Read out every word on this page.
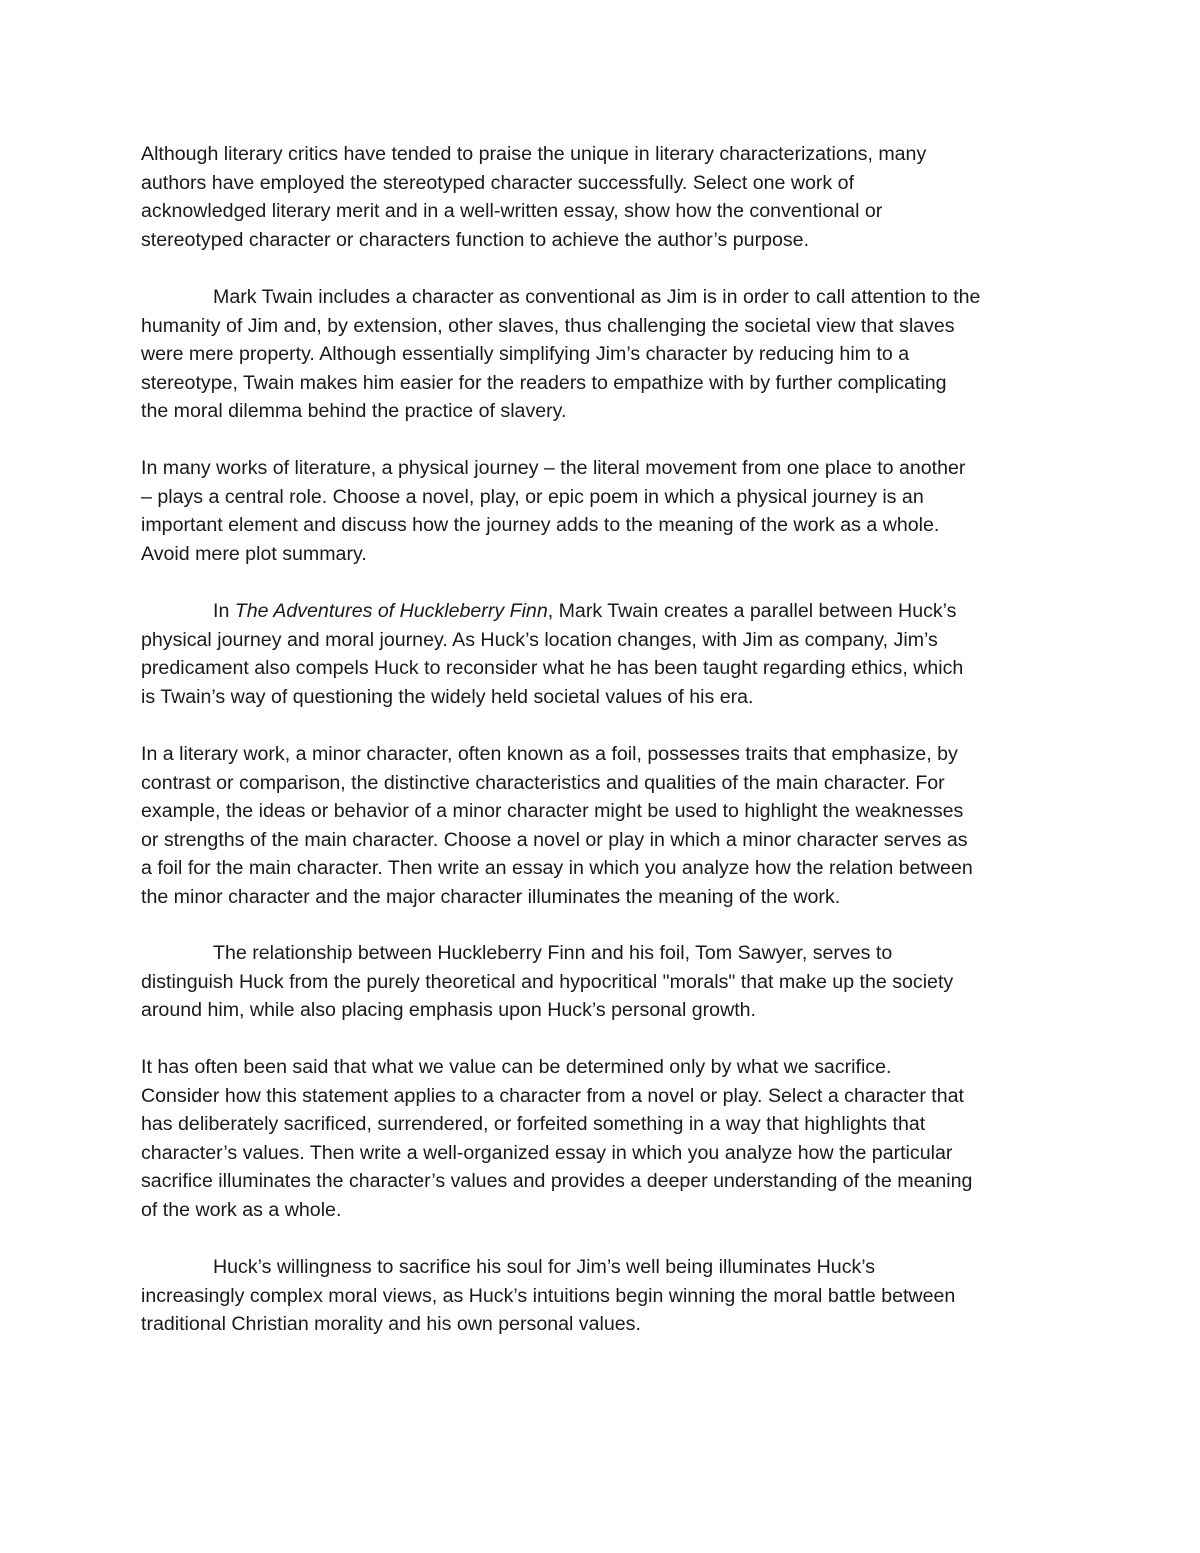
Although literary critics have tended to praise the unique in literary characterizations, many
authors have employed the stereotyped character successfully. Select one work of
acknowledged literary merit and in a well-written essay, show how the conventional or
stereotyped character or characters function to achieve the author’s purpose.

Mark Twain includes a character as conventional as Jim is in order to call attention to the
humanity of Jim and, by extension, other slaves, thus challenging the societal view that slaves
were mere property. Although essentially simplifying Jim’s character by reducing him to a
stereotype, Twain makes him easier for the readers to empathize with by further complicating
the moral dilemma behind the practice of slavery.

In many works of literature, a physical journey – the literal movement from one place to another
– plays a central role. Choose a novel, play, or epic poem in which a physical journey is an
important element and discuss how the journey adds to the meaning of the work as a whole.
Avoid mere plot summary.

In The Adventures of Huckleberry Finn, Mark Twain creates a parallel between Huck’s
physical journey and moral journey. As Huck’s location changes, with Jim as company, Jim’s
predicament also compels Huck to reconsider what he has been taught regarding ethics, which
is Twain’s way of questioning the widely held societal values of his era.

In a literary work, a minor character, often known as a foil, possesses traits that emphasize, by
contrast or comparison, the distinctive characteristics and qualities of the main character. For
example, the ideas or behavior of a minor character might be used to highlight the weaknesses
or strengths of the main character. Choose a novel or play in which a minor character serves as
a foil for the main character. Then write an essay in which you analyze how the relation between
the minor character and the major character illuminates the meaning of the work.

The relationship between Huckleberry Finn and his foil, Tom Sawyer, serves to
distinguish Huck from the purely theoretical and hypocritical "morals" that make up the society
around him, while also placing emphasis upon Huck’s personal growth.

It has often been said that what we value can be determined only by what we sacrifice.
Consider how this statement applies to a character from a novel or play. Select a character that
has deliberately sacrificed, surrendered, or forfeited something in a way that highlights that
character’s values. Then write a well-organized essay in which you analyze how the particular
sacrifice illuminates the character’s values and provides a deeper understanding of the meaning
of the work as a whole.

Huck’s willingness to sacrifice his soul for Jim’s well being illuminates Huck’s
increasingly complex moral views, as Huck’s intuitions begin winning the moral battle between
traditional Christian morality and his own personal values.
